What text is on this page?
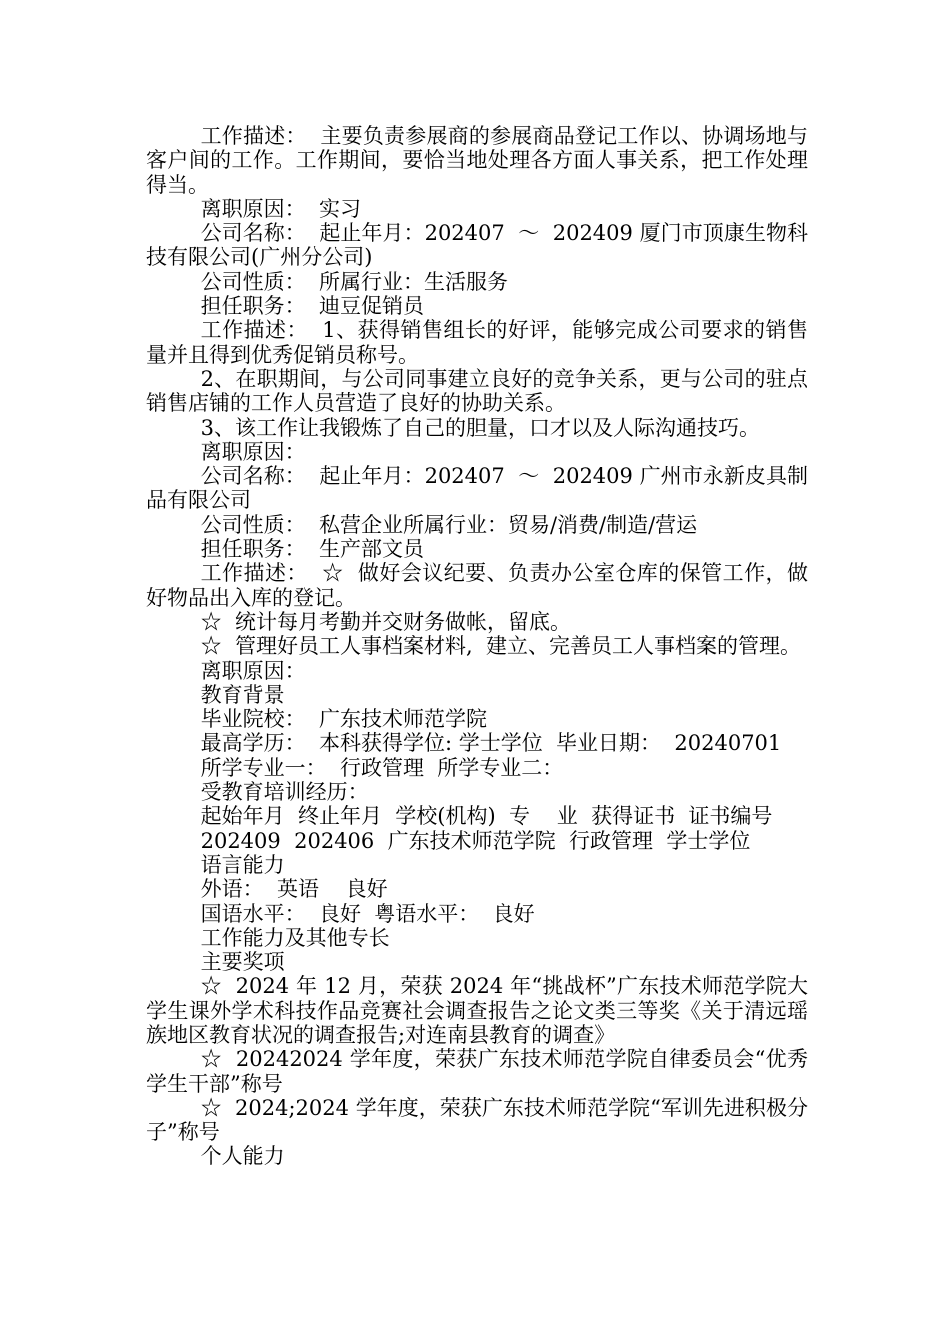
工作描述：  主要负责参展商的参展商品登记工作以、协调场地与客户间的工作。工作期间，要恰当地处理各方面人事关系，把工作处理得当。

离职原因：  实习

公司名称：  起止年月：202407  ～  202409 厦门市顶康生物科技有限公司(广州分公司)

公司性质：  所属行业：生活服务

担任职务：  迪豆促销员

工作描述：  1、获得销售组长的好评，能够完成公司要求的销售量并且得到优秀促销员称号。

2、在职期间，与公司同事建立良好的竞争关系，更与公司的驻点销售店铺的工作人员营造了良好的协助关系。

3、该工作让我锻炼了自己的胆量，口才以及人际沟通技巧。

离职原因：

公司名称：  起止年月：202407  ～  202409 广州市永新皮具制品有限公司

公司性质：  私营企业所属行业：贸易/消费/制造/营运

担任职务：  生产部文员

工作描述：  ☆  做好会议纪要、负责办公室仓库的保管工作，做好物品出入库的登记。

☆  统计每月考勤并交财务做帐，留底。

☆  管理好员工人事档案材料,  建立、完善员工人事档案的管理。

离职原因：

教育背景

毕业院校：  广东技术师范学院

最高学历：  本科获得学位: 学士学位  毕业日期：  20240701

所学专业一：  行政管理  所学专业二：

受教育培训经历：

起始年月  终止年月  学校(机构)  专    业  获得证书  证书编号

202409  202406  广东技术师范学院  行政管理  学士学位

语言能力

外语：  英语    良好

国语水平：  良好  粤语水平：  良好

工作能力及其他专长

主要奖项

☆  2024 年 12 月，荣获 2024 年“挑战杯”广东技术师范学院大学生课外学术科技作品竞赛社会调查报告之论文类三等奖《关于清远瑶族地区教育状况的调查报告;对连南县教育的调查》

☆  20242024 学年度，荣获广东技术师范学院自律委员会“优秀学生干部”称号

☆  2024;2024 学年度，荣获广东技术师范学院“军训先进积极分子”称号

个人能力
